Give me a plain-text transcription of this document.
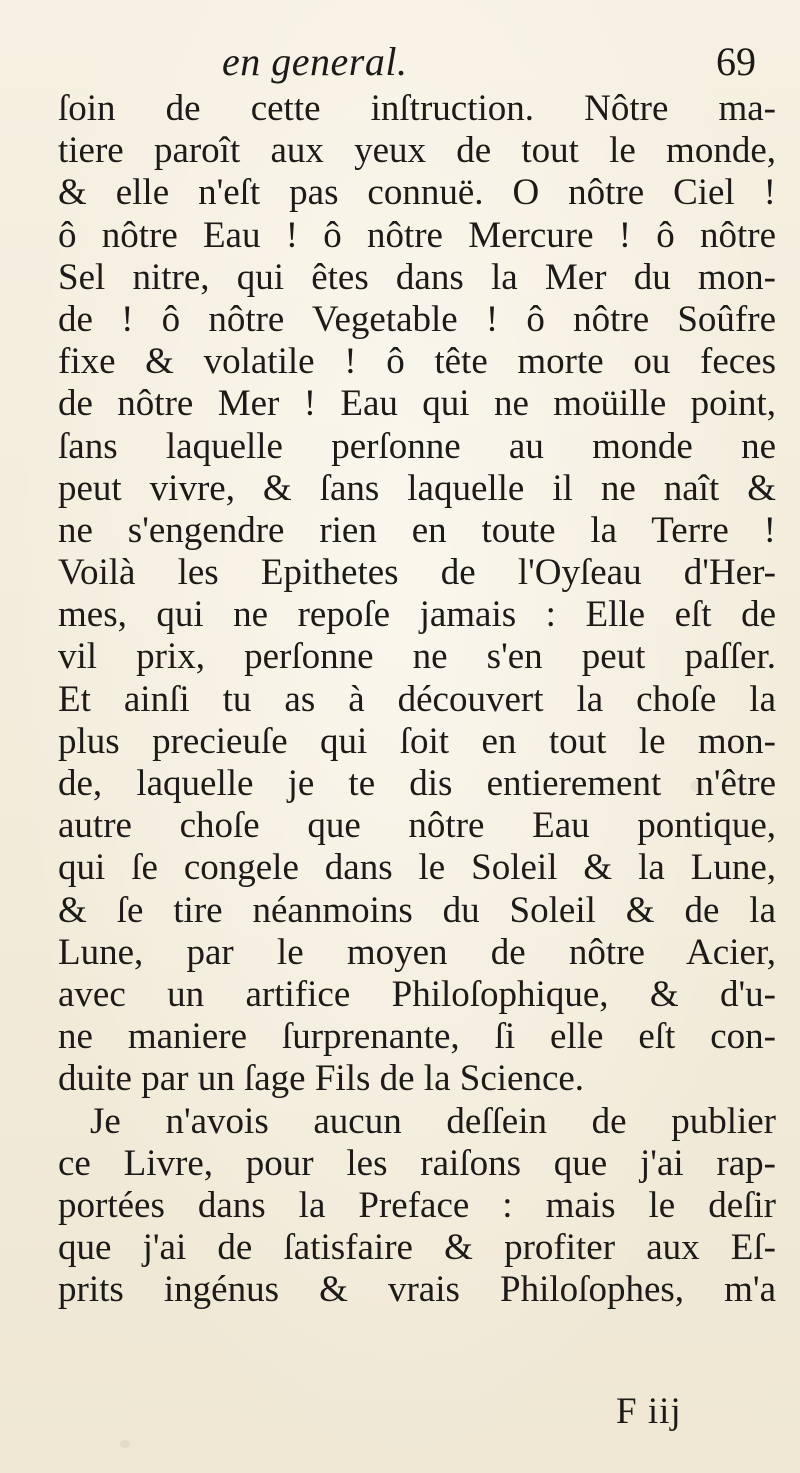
en general.	69
ſoin de cette inſtruction. Nôtre ma-
tiere paroît aux yeux de tout le monde,
& elle n'eſt pas connuë. O nôtre Ciel !
ô nôtre Eau ! ô nôtre Mercure ! ô nôtre
Sel nitre, qui êtes dans la Mer du mon-
de ! ô nôtre Vegetable ! ô nôtre Soûfre
fixe & volatile ! ô tête morte ou feces
de nôtre Mer ! Eau qui ne moüille point,
ſans laquelle perſonne au monde ne
peut vivre, & ſans laquelle il ne naît &
ne s'engendre rien en toute la Terre !
Voilà les Epithetes de l'Oyſeau d'Her-
mes, qui ne repoſe jamais : Elle eſt de
vil prix, perſonne ne s'en peut paſſer.
Et ainſi tu as à découvert la choſe la
plus precieuſe qui ſoit en tout le mon-
de, laquelle je te dis entierement n'être
autre choſe que nôtre Eau pontique,
qui ſe congele dans le Soleil & la Lune,
& ſe tire néanmoins du Soleil & de la
Lune, par le moyen de nôtre Acier,
avec un artifice Philoſophique, & d'u-
ne maniere ſurprenante, ſi elle eſt con-
duite par un ſage Fils de la Science.
Je n'avois aucun deſſein de publier
ce Livre, pour les raiſons que j'ai rap-
portées dans la Preface : mais le deſir
que j'ai de ſatisfaire & profiter aux Eſ-
prits ingénus & vrais Philoſophes, m'a
F iij
